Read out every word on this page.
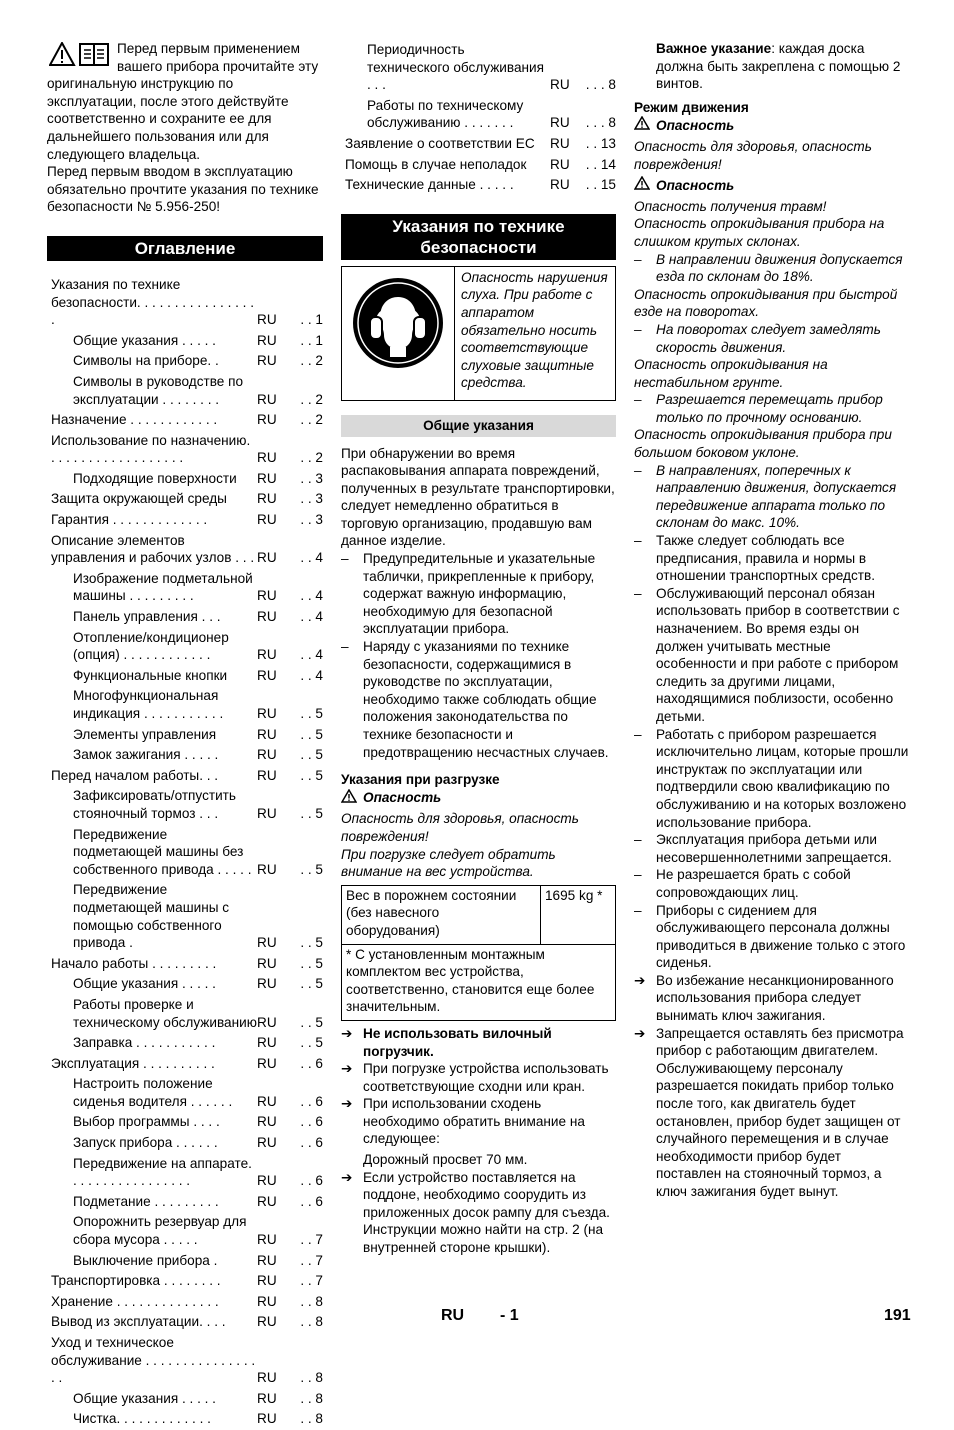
Перед первым применением вашего прибора прочитайте эту оригинальную инструкцию по эксплуатации, после этого действуйте соответственно и сохраните ее для дальнейшего пользования или для следующего владельца.

Перед первым вводом в эксплуатацию обязательно прочтите указания по технике безопасности № 5.956-250!

Оглавление
Указания по технике безопасности. . . . . . . . . . . . . . . . .	RU	. . 1
Общие указания . . . . .	RU	. . 1
Символы на приборе. .	RU	. . 2
Символы в руководстве по эксплуатации . . . . . . . .	RU	. . 2
Назначение . . . . . . . . . . . .	RU	. . 2
Использование по назначению. . . . . . . . . . . . . . . . . . .	RU	. . 2
Подходящие поверхности	RU	. . 3
Защита окружающей среды	RU	. . 3
Гарантия . . . . . . . . . . . . .	RU	. . 3
Описание элементов управления и рабочих узлов . . . RU	. . 4
Изображение подметальной машины . . . . . . . . .	RU	. . 4
Панель управления . . .	RU	. . 4
Отопление/кондиционер (опция) . . . . . . . . . . . .	RU	. . 4
Функциональные кнопки	RU	. . 4
Многофункциональная индикация . . . . . . . . . . .	RU	. . 5
Элементы управления	RU	. . 5
Замок зажигания . . . . .	RU	. . 5
Перед началом работы. . .	RU	. . 5
Зафиксировать/отпустить стояночный тормоз . . .	RU	. . 5
Передвижение подметающей машины без собственного привода . . . . . RU	. . 5
Передвижение подметающей машины с помощью собственного привода .	RU	. . 5
Начало работы . . . . . . . . .	RU	. . 5
Общие указания . . . . .	RU	. . 5
Работы проверке и техническому обслуживанию RU	. . 5
Заправка . . . . . . . . . . .	RU	. . 5
Эксплуатация . . . . . . . . . .	RU	. . 6
Настроить положение сиденья водителя . . . . . .	RU	. . 6
Выбор программы . . . .	RU	. . 6
Запуск прибора . . . . . .	RU	. . 6
Передвижение на аппарате. . . . . . . . . . . . . . . . .	RU	. . 6
Подметание . . . . . . . . .	RU	. . 6
Опорожнить резервуар для сбора мусора . . . . .	RU	. . 7
Выключение прибора .	RU	. . 7
Транспортировка . . . . . . . .	RU	. . 7
Хранение . . . . . . . . . . . . . .	RU	. . 8
Вывод из эксплуатации. . . .	RU	. . 8
Уход и техническое обслуживание . . . . . . . . . . . . . . . . .	RU	. . 8
Общие указания . . . . .	RU	. . 8
Чистка. . . . . . . . . . . . .	RU	. . 8
Периодичность технического обслуживания . . .	RU	. . . 8
Работы по техническому обслуживанию . . . . . . .	RU	. . . 8
Заявление о соответствии ЕС	RU	. . 13
Помощь в случае неполадок	RU	. . 14
Технические данные . . . . .	RU	. . 15
Указания по технике безопасности
Опасность нарушения слуха. При работе с аппаратом обязательно носить соответствующие слуховые защитные средства.
Общие указания

При обнаружении во время распаковывания аппарата повреждений, полученных в результате транспортировки, следует немедленно обратиться в торговую организацию, продавшую вам данное изделие.

– Предупредительные и указательные таблички, прикрепленные к прибору, содержат важную информацию, необходимую для безопасной эксплуатации прибора.
– Наряду с указаниями по технике безопасности, содержащимися в руководстве по эксплуатации, необходимо также соблюдать общие положения законодательства по технике безопасности и предотвращению несчастных случаев.

Указания при разгрузке

Опасность

Опасность для здоровья, опасность повреждения!

При погрузке следует обратить внимание на вес устройства.

Вес в порожнем состоянии (без навесного оборудования)	1695 kg *
* С установленным монтажным комплектом вес устройства, соответственно, становится еще более значительным.
➔ Не использовать вилочный погрузчик.
➔ При погрузке устройства использовать соответствующие сходни или кран.
➔ При использовании сходень необходимо обратить внимание на следующее:

Дорожный просвет 70 мм.

➔ Если устройство поставляется на поддоне, необходимо соорудить из приложенных досок рампу для съезда.

Инструкции можно найти на стр. 2 (на внутренней стороне крышки).

Важное указание: каждая доска должна быть закреплена с помощью 2 винтов.

Режим движения

Опасность

Опасность для здоровья, опасность повреждения!

Опасность

Опасность получения травм!

Опасность опрокидывания прибора на слишком крутых склонах.

– В направлении движения допускается езда по склонам до 18%.

Опасность опрокидывания при быстрой езде на поворотах.

– На поворотах следует замедлять скорость движения.

Опасность опрокидывания на нестабильном грунте.

– Разрешается перемещать прибор только по прочному основанию.

Опасность опрокидывания прибора при большом боковом уклоне.

– В направлениях, поперечных к направлению движения, допускается передвижение аппарата только по склонам до макс. 10%.
– Также следует соблюдать все предписания, правила и нормы в отношении транспортных средств.
– Обслуживающий персонал обязан использовать прибор в соответствии с назначением. Во время езды он должен учитывать местные особенности и при работе с прибором следить за другими лицами, находящимися поблизости, особенно детьми.
– Работать с прибором разрешается исключительно лицам, которые прошли инструктаж по эксплуатации или подтвердили свою квалификацию по обслуживанию и на которых возложено использование прибора.
– Эксплуатация прибора детьми или несовершеннолетними запрещается.
– Не разрешается брать с собой сопровождающих лиц.
– Приборы с сидением для обслуживающего персонала должны приводиться в движение только с этого сиденья.
➔ Во избежание несанкционированного использования прибора следует вынимать ключ зажигания.
➔ Запрещается оставлять без присмотра прибор с работающим двигателем. Обслуживающему персоналу разрешается покидать прибор только после того, как двигатель будет остановлен, прибор будет защищен от случайного перемещения и в случае необходимости прибор будет поставлен на стояночный тормоз, а ключ зажигания будет вынут.
RU - 1	191
